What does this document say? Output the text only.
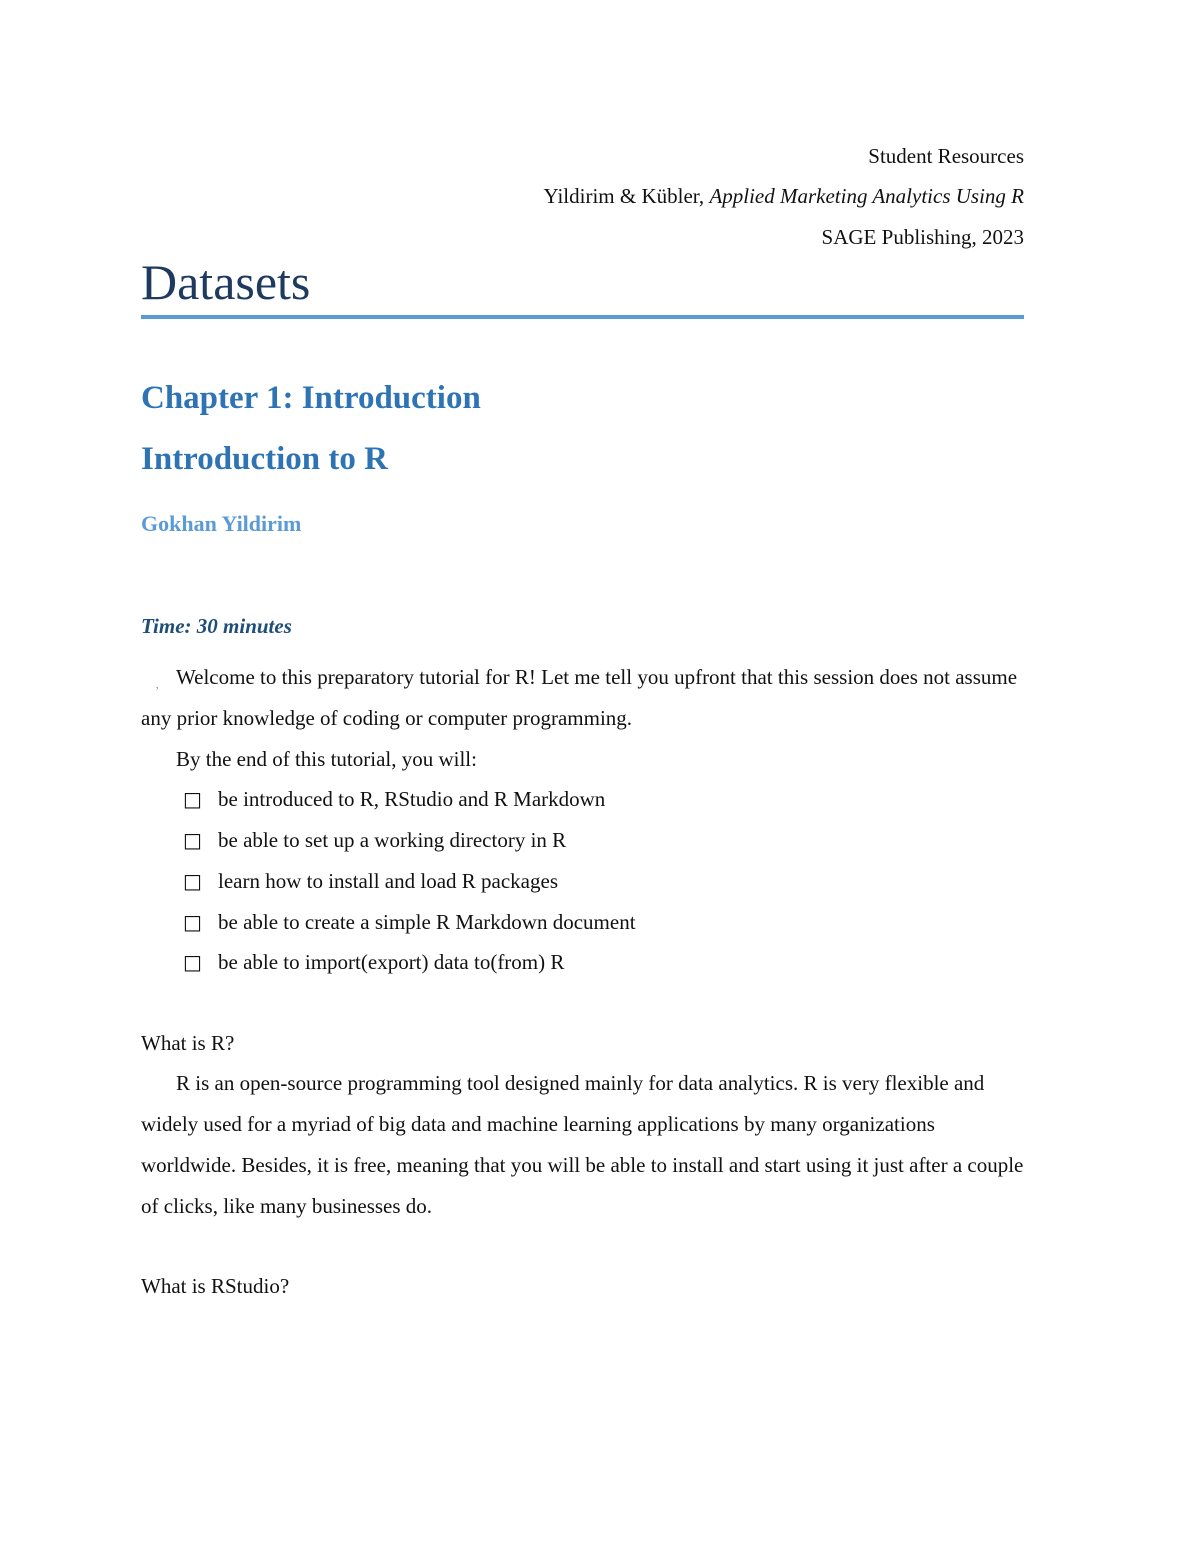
Student Resources
Yildirim & Kübler, Applied Marketing Analytics Using R
SAGE Publishing, 2023
Datasets
Chapter 1: Introduction
Introduction to R
Gokhan Yildirim
Time: 30 minutes
, Welcome to this preparatory tutorial for R! Let me tell you upfront that this session does not assume any prior knowledge of coding or computer programming.

By the end of this tutorial, you will:
□ be introduced to R, RStudio and R Markdown
□ be able to set up a working directory in R
□ learn how to install and load R packages
□ be able to create a simple R Markdown document
□ be able to import(export) data to(from) R
What is R?

R is an open-source programming tool designed mainly for data analytics. R is very flexible and widely used for a myriad of big data and machine learning applications by many organizations worldwide. Besides, it is free, meaning that you will be able to install and start using it just after a couple of clicks, like many businesses do.

What is RStudio?
